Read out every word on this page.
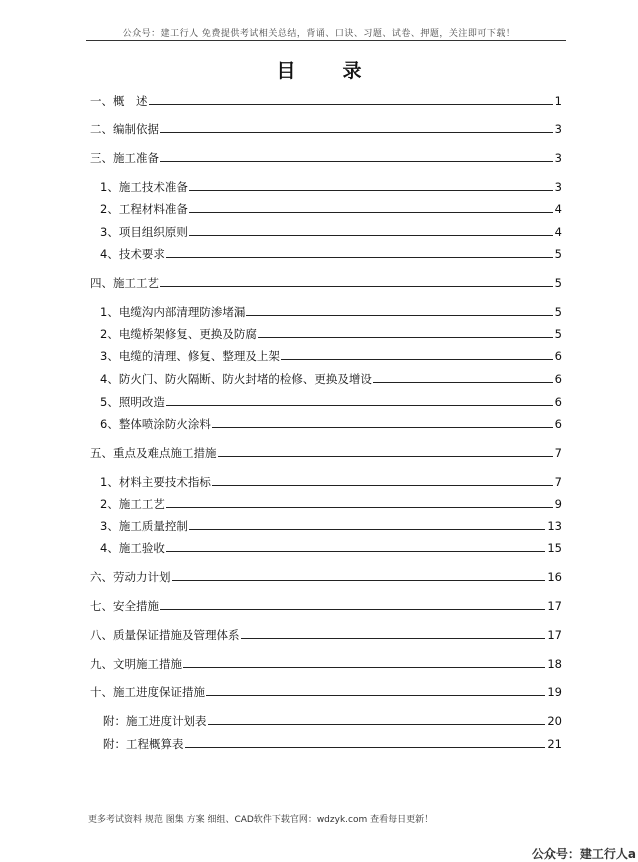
公众号：建工行人 免费提供考试相关总结，背诵、口诀、习题、试卷、押题，关注即可下载！
目　录
一、概　述	1
二、编制依据	3
三、施工准备	3
1、施工技术准备	3
2、工程材料准备	4
3、项目组织原则	4
4、技术要求	5
四、施工工艺	5
1、电缆沟内部清理防渗堵漏	5
2、电缆桥架修复、更换及防腐	5
3、电缆的清理、修复、整理及上架	6
4、防火门、防火隔断、防火封堵的检修、更换及增设	6
5、照明改造	6
6、整体喷涂防火涂料	6
五、重点及难点施工措施	7
1、材料主要技术指标	7
2、施工工艺	9
3、施工质量控制	13
4、施工验收	15
六、劳动力计划	16
七、安全措施	17
八、质量保证措施及管理体系	17
九、文明施工措施	18
十、施工进度保证措施	19
附：施工进度计划表	20
附：工程概算表	21
更多考试资料 规范 图集 方案 细组、CAD软件下载官网：wdzyk.com 查看每日更新！
公众号：建工行人a
